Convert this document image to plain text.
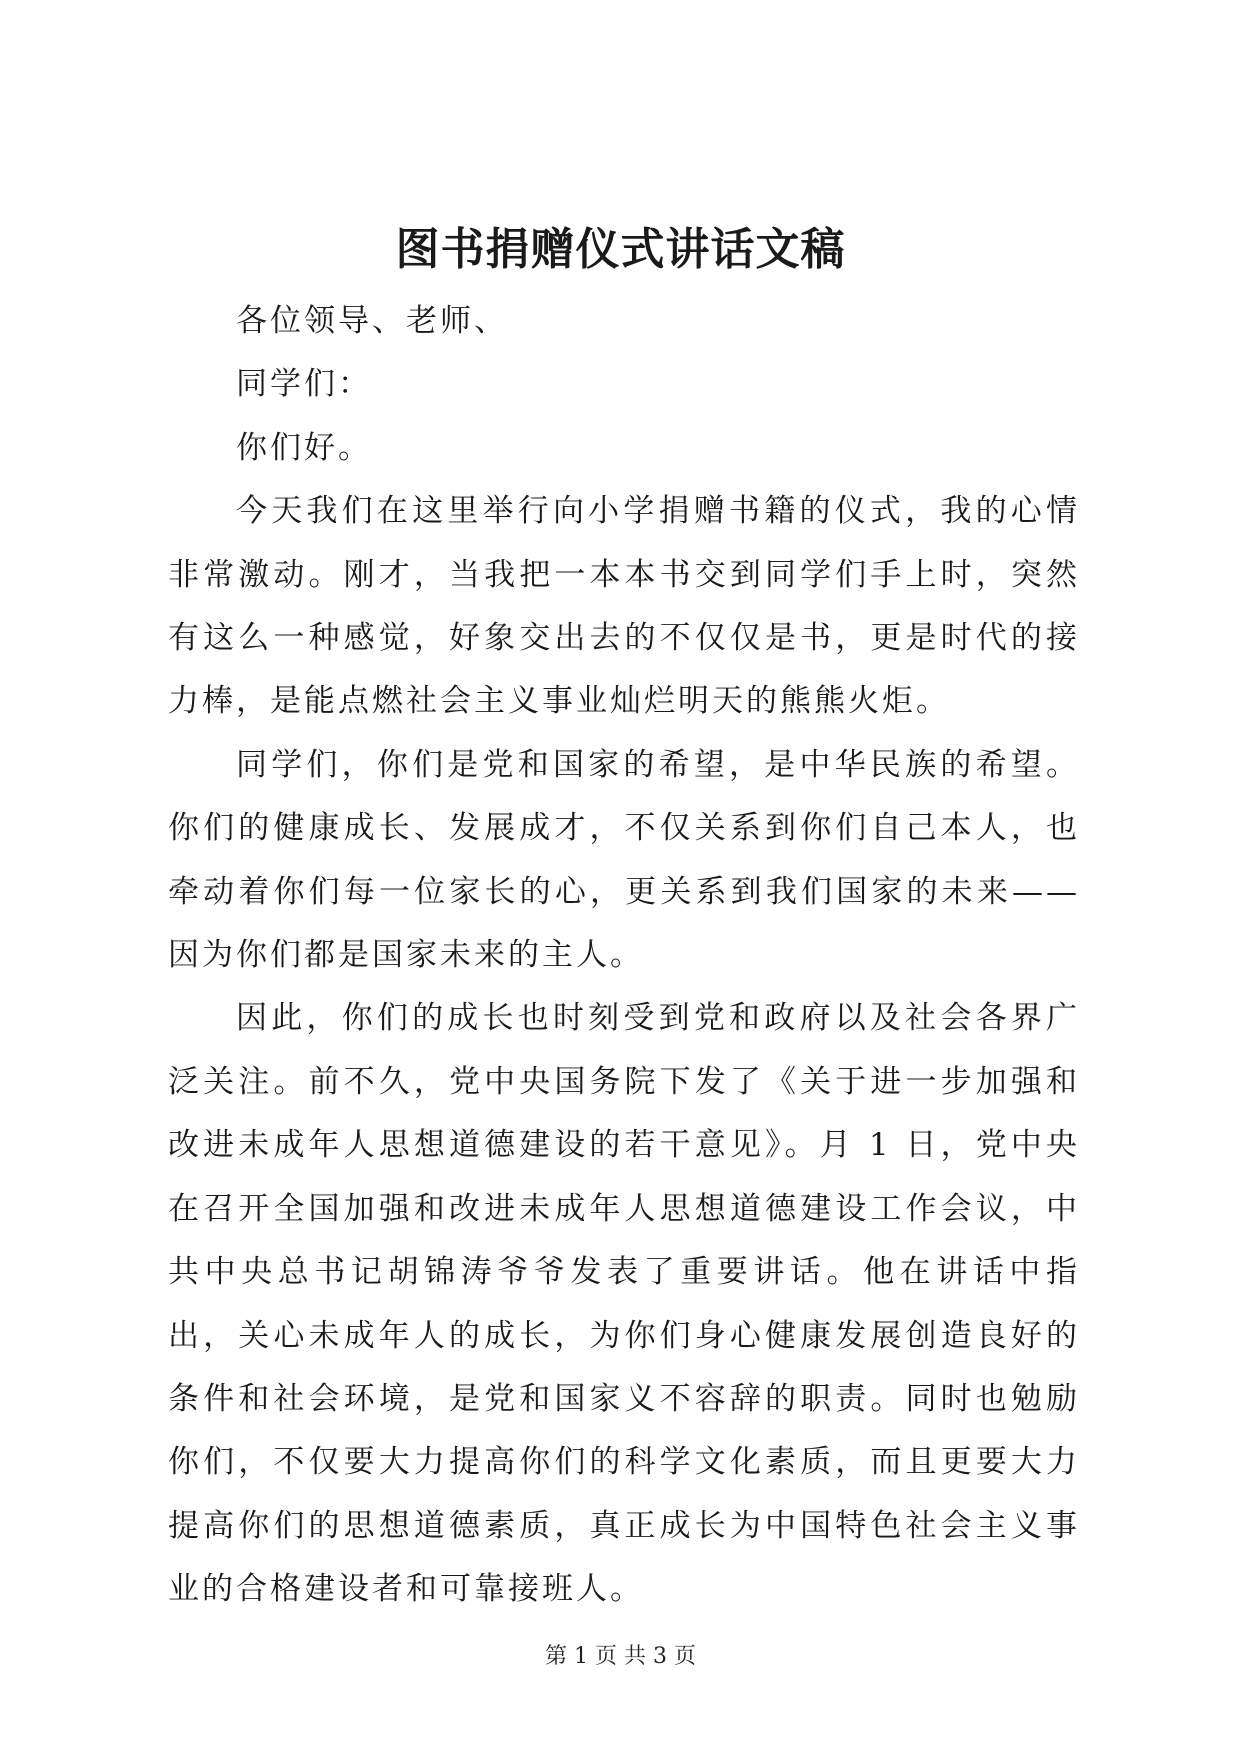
图书捐赠仪式讲话文稿

各位领导、老师、

同学们：

你们好。

今天我们在这里举行向小学捐赠书籍的仪式，我的心情非常激动。刚才，当我把一本本书交到同学们手上时，突然有这么一种感觉，好象交出去的不仅仅是书，更是时代的接力棒，是能点燃社会主义事业灿烂明天的熊熊火炬。

同学们，你们是党和国家的希望，是中华民族的希望。你们的健康成长、发展成才，不仅关系到你们自己本人，也牵动着你们每一位家长的心，更关系到我们国家的未来——因为你们都是国家未来的主人。

因此，你们的成长也时刻受到党和政府以及社会各界广泛关注。前不久，党中央国务院下发了《关于进一步加强和改进未成年人思想道德建设的若干意见》。月 1 日，党中央在召开全国加强和改进未成年人思想道德建设工作会议，中共中央总书记胡锦涛爷爷发表了重要讲话。他在讲话中指出，关心未成年人的成长，为你们身心健康发展创造良好的条件和社会环境，是党和国家义不容辞的职责。同时也勉励你们，不仅要大力提高你们的科学文化素质，而且更要大力提高你们的思想道德素质，真正成长为中国特色社会主义事业的合格建设者和可靠接班人。

第 1 页 共 3 页
